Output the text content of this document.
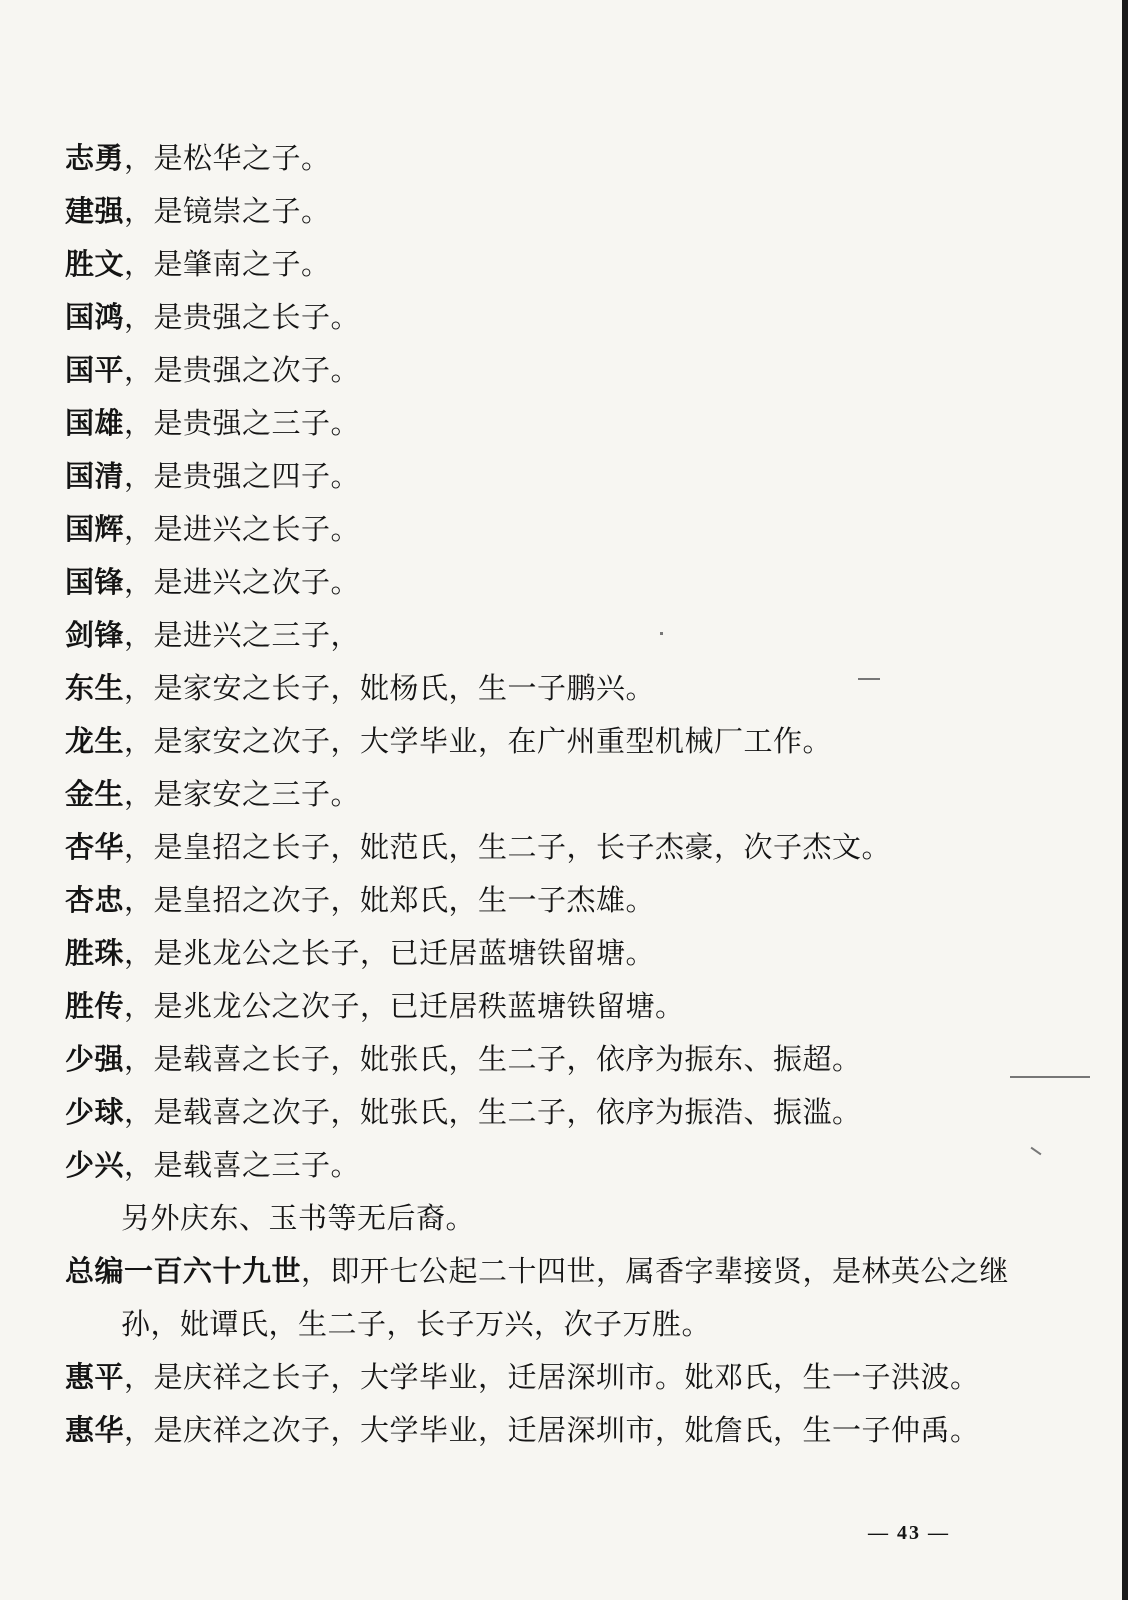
志勇，是松华之子。
建强，是镜崇之子。
胜文，是肇南之子。
国鸿，是贵强之长子。
国平，是贵强之次子。
国雄，是贵强之三子。
国清，是贵强之四子。
国辉，是进兴之长子。
国锋，是进兴之次子。
剑锋，是进兴之三子，
东生，是家安之长子，妣杨氏，生一子鹏兴。
龙生，是家安之次子，大学毕业，在广州重型机械厂工作。
金生，是家安之三子。
杏华，是皇招之长子，妣范氏，生二子，长子杰豪，次子杰文。
杏忠，是皇招之次子，妣郑氏，生一子杰雄。
胜珠，是兆龙公之长子，已迁居蓝塘铁留塘。
胜传，是兆龙公之次子，已迁居秩蓝塘铁留塘。
少强，是载喜之长子，妣张氏，生二子，依序为振东、振超。
少球，是载喜之次子，妣张氏，生二子，依序为振浩、振滥。
少兴，是载喜之三子。
另外庆东、玉书等无后裔。
总编一百六十九世，即开七公起二十四世，属香字辈接贤，是林英公之继
孙，妣谭氏，生二子，长子万兴，次子万胜。
惠平，是庆祥之长子，大学毕业，迁居深圳市。妣邓氏，生一子洪波。
惠华，是庆祥之次子，大学毕业，迁居深圳市，妣詹氏，生一子仲禹。
— 43 —
